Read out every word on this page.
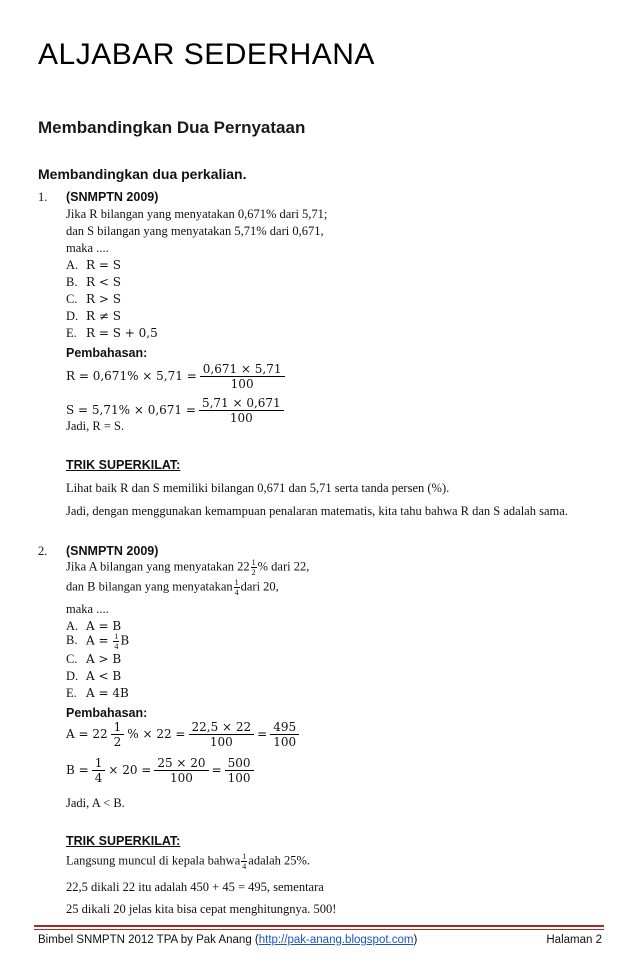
ALJABAR SEDERHANA
Membandingkan Dua Pernyataan
Membandingkan dua perkalian.
1. (SNMPTN 2009)
Jika R bilangan yang menyatakan 0,671% dari 5,71;
dan S bilangan yang menyatakan 5,71% dari 0,671,
maka ....
A. R = S
B. R < S
C. R > S
D. R ≠ S
E. R = S + 0,5
Pembahasan:
$R = 0,671\% \times 5,71 = \frac{0,671 \times 5,71}{100}$
$S = 5,71\% \times 0,671 = \frac{5,71 \times 0,671}{100}$
Jadi, R = S.
TRIK SUPERKILAT:
Lihat baik R dan S memiliki bilangan 0,671 dan 5,71 serta tanda persen (%).
Jadi, dengan menggunakan kemampuan penalaran matematis, kita tahu bahwa R dan S adalah sama.
2. (SNMPTN 2009)
Jika A bilangan yang menyatakan $22 \frac{1}{2}$ % dari 22,
dan B bilangan yang menyatakan $\frac{1}{4}$ dari 20,
maka ....
A. A = B
B. $A = \frac{1}{4}$ B
C. A > B
D. A < B
E. A = 4B
Pembahasan:
$A = 22 \frac{1}{2}$ % × $22 = \frac{22,5 \times 22}{100} = \frac{495}{100}$
$B = \frac{1}{4} \times 20 = \frac{25 \times 20}{100} = \frac{500}{100}$
Jadi, A < B.
TRIK SUPERKILAT:
Langsung muncul di kepala bahwa $\frac{1}{4}$ adalah 25%.
22,5 dikali 22 itu adalah 450 + 45 = 495, sementara
25 dikali 20 jelas kita bisa cepat menghitungnya. 500!
Bimbel SNMPTN 2012 TPA by Pak Anang (http://pak-anang.blogspot.com)	Halaman 2
